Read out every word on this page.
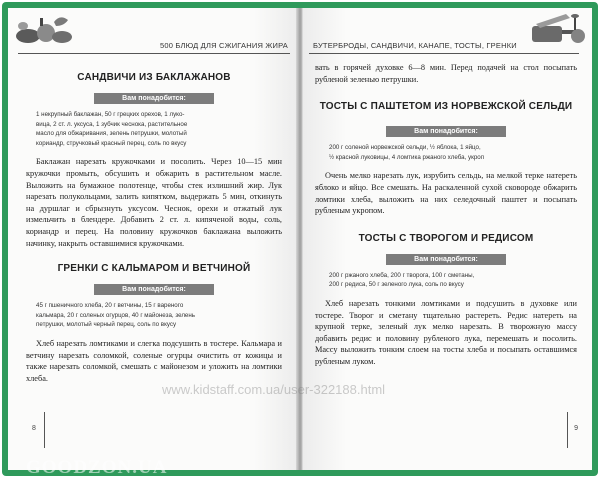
500 БЛЮД ДЛЯ СЖИГАНИЯ ЖИРА
САНДВИЧИ ИЗ БАКЛАЖАНОВ
Вам понадобится:
1 некрупный баклажан, 50 г грецких орехов, 1 луко-
вица, 2 ст. л. уксуса, 1 зубчик чеснока, растительное
масло для обжаривания, зелень петрушки, молотый
кориандр, стручковый красный перец, соль по вкусу

Баклажан нарезать кружочками и посолить. Через 10—15 мин кружочки промыть, обсушить и обжарить в растительном масле. Выложить на бумажное полотенце, чтобы стек излишний жир. Лук нарезать полукольцами, залить кипятком, выдержать 5 мин, откинуть на дуршлаг и сбрызнуть уксусом. Чеснок, орехи и отжатый лук измельчить в блендере. Добавить 2 ст. л. кипяченой воды, соль, кориандр и перец. На половину кружочков баклажана выложить начинку, накрыть оставшимися кружочками.

ГРЕНКИ С КАЛЬМАРОМ И ВЕТЧИНОЙ
Вам понадобится:
45 г пшеничного хлеба, 20 г ветчины, 15 г вареного
кальмара, 20 г соленых огурцов, 40 г майонеза, зелень
петрушки, молотый черный перец, соль по вкусу

Хлеб нарезать ломтиками и слегка подсушить в тостере. Кальмара и ветчину нарезать соломкой, соленые огурцы очистить от кожицы и также нарезать соломкой, смешать с майонезом и уложить на ломтики хлеба.

8
БУТЕРБРОДЫ, САНДВИЧИ, КАНАПЕ, ТОСТЫ, ГРЕНКИ

вать в горячей духовке 6—8 мин. Перед подачей на стол посыпать рубленой зеленью петрушки.

ТОСТЫ С ПАШТЕТОМ ИЗ НОРВЕЖСКОЙ СЕЛЬДИ
Вам понадобится:
200 г соленой норвежской сельди, ½ яблока, 1 яйцо,
½ красной луковицы, 4 ломтика ржаного хлеба, укроп

Очень мелко нарезать лук, изрубить сельдь, на мелкой терке натереть яблоко и яйцо. Все смешать. На раскаленной сухой сковороде обжарить ломтики хлеба, выложить на них селедочный паштет и посыпать рубленым укропом.

ТОСТЫ С ТВОРОГОМ И РЕДИСОМ
Вам понадобится:
200 г ржаного хлеба, 200 г творога, 100 г сметаны,
200 г редиса, 50 г зеленого лука, соль по вкусу

Хлеб нарезать тонкими ломтиками и подсушить в духовке или тостере. Творог и сметану тщательно растереть. Редис натереть на крупной терке, зеленый лук мелко нарезать. В творожную массу добавить редис и половину рубленого лука, перемешать и посолить. Массу выложить тонким слоем на тосты хлеба и посыпать оставшимся рубленым луком.

9
www.kidstaff.com.ua/user-322188.html
GOODZON.UA
